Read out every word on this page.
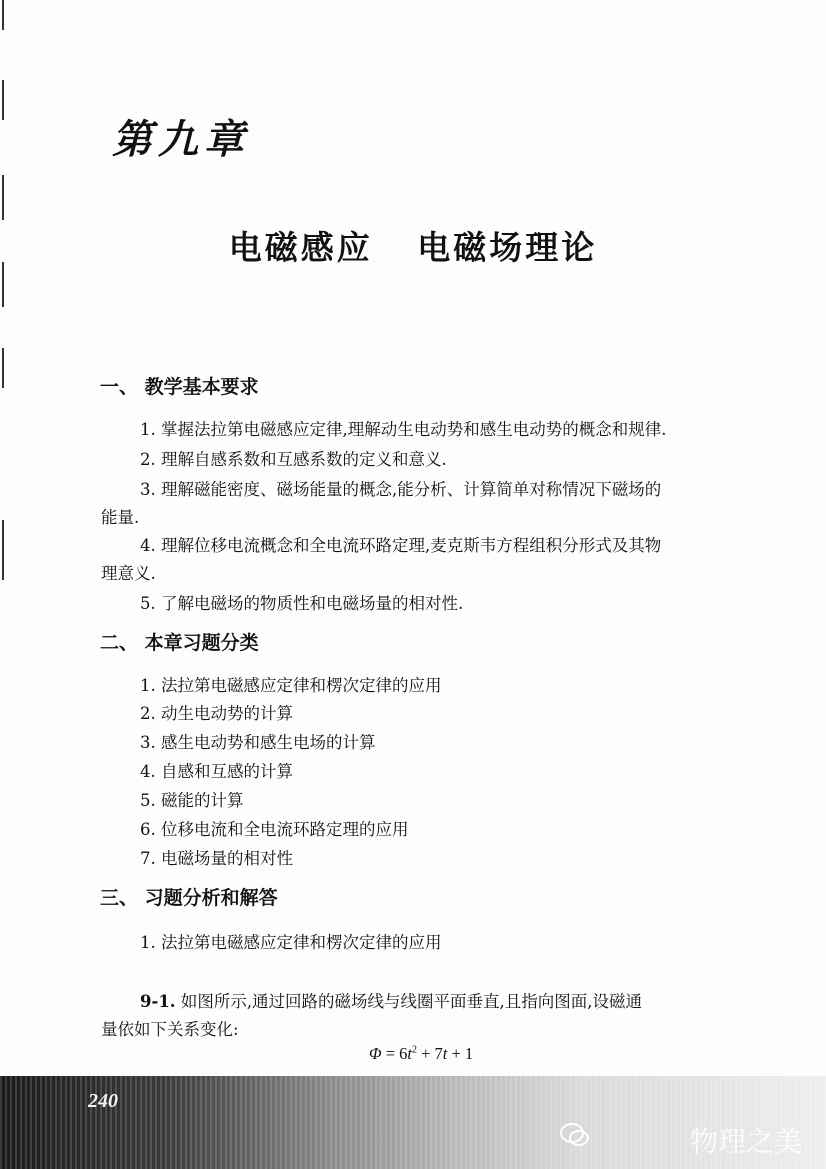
第九章
电磁感应 电磁场理论
一、 教学基本要求
1. 掌握法拉第电磁感应定律,理解动生电动势和感生电动势的概念和规律.
2. 理解自感系数和互感系数的定义和意义.
3. 理解磁能密度、磁场能量的概念,能分析、计算简单对称情况下磁场的
能量.
4. 理解位移电流概念和全电流环路定理,麦克斯韦方程组积分形式及其物
理意义.
5. 了解电磁场的物质性和电磁场量的相对性.
二、 本章习题分类
1. 法拉第电磁感应定律和楞次定律的应用
2. 动生电动势的计算
3. 感生电动势和感生电场的计算
4. 自感和互感的计算
5. 磁能的计算
6. 位移电流和全电流环路定理的应用
7. 电磁场量的相对性
三、 习题分析和解答
1. 法拉第电磁感应定律和楞次定律的应用
9-1. 如图所示,通过回路的磁场线与线圈平面垂直,且指向图面,设磁通
量依如下关系变化:
$\Phi = 6t^2 + 7t + 1$
240
物理之美
